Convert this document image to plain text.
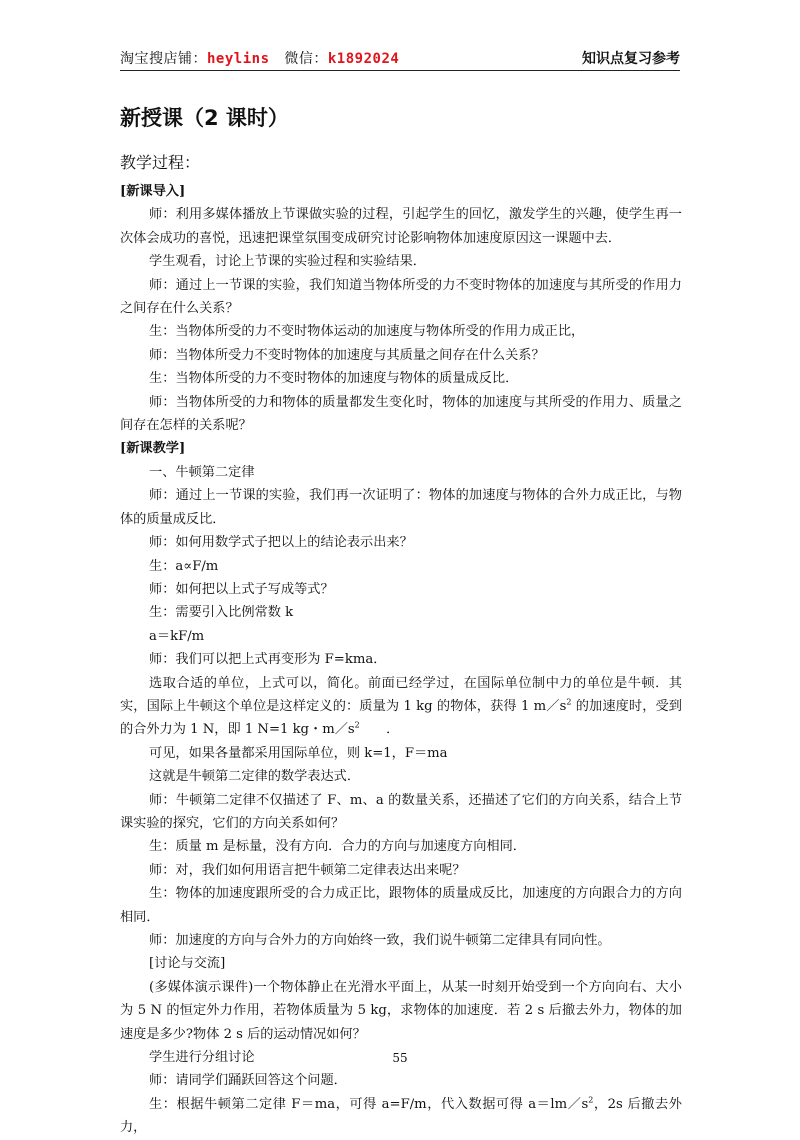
淘宝搜店铺：heylins 微信：k1892024	知识点复习参考
新授课（2 课时）
教学过程：

[新课导入]

师：利用多媒体播放上节课做实验的过程，引起学生的回忆，激发学生的兴趣，使学生再一次体会成功的喜悦，迅速把课堂氛围变成研究讨论影响物体加速度原因这一课题中去．

学生观看，讨论上节课的实验过程和实验结果．

师：通过上一节课的实验，我们知道当物体所受的力不变时物体的加速度与其所受的作用力之间存在什么关系？

生：当物体所受的力不变时物体运动的加速度与物体所受的作用力成正比，

师：当物体所受力不变时物体的加速度与其质量之间存在什么关系？

生：当物体所受的力不变时物体的加速度与物体的质量成反比．

师：当物体所受的力和物体的质量都发生变化时，物体的加速度与其所受的作用力、质量之间存在怎样的关系呢？

[新课教学]

一、牛顿第二定律

师：通过上一节课的实验，我们再一次证明了：物体的加速度与物体的合外力成正比，与物体的质量成反比．

师：如何用数学式子把以上的结论表示出来？

生：a∝F/m

师：如何把以上式子写成等式？

生：需要引入比例常数 k

a＝kF/m

师：我们可以把上式再变形为 F=kma．

选取合适的单位，上式可以，简化。前面已经学过，在国际单位制中力的单位是牛顿．其实，国际上牛顿这个单位是这样定义的：质量为 1 kg 的物体，获得 1 $m/s^2$ 的加速度时，受到的合外力为 1 N，即 1 N=1 kg・$m/s^2$　　．

可见，如果各量都采用国际单位，则 k=1，F＝ma

这就是牛顿第二定律的数学表达式．

师：牛顿第二定律不仅描述了 F、m、a 的数量关系，还描述了它们的方向关系，结合上节课实验的探究，它们的方向关系如何？

生：质量 m 是标量，没有方向．合力的方向与加速度方向相同．

师：对，我们如何用语言把牛顿第二定律表达出来呢？

生：物体的加速度跟所受的合力成正比，跟物体的质量成反比，加速度的方向跟合力的方向相同．

师：加速度的方向与合外力的方向始终一致，我们说牛顿第二定律具有同向性。

[讨论与交流]

(多媒体演示课件)一个物体静止在光滑水平面上，从某一时刻开始受到一个方向向右、大小为 5 N 的恒定外力作用，若物体质量为 5 kg，求物体的加速度．若 2 s 后撤去外力，物体的加速度是多少?物体 2 s 后的运动情况如何？

学生进行分组讨论

师：请同学们踊跃回答这个问题．

生：根据牛顿第二定律 F＝ma，可得 a=F/m，代入数据可得 $a=lm/s^2$，2s 后撤去外力，

55
